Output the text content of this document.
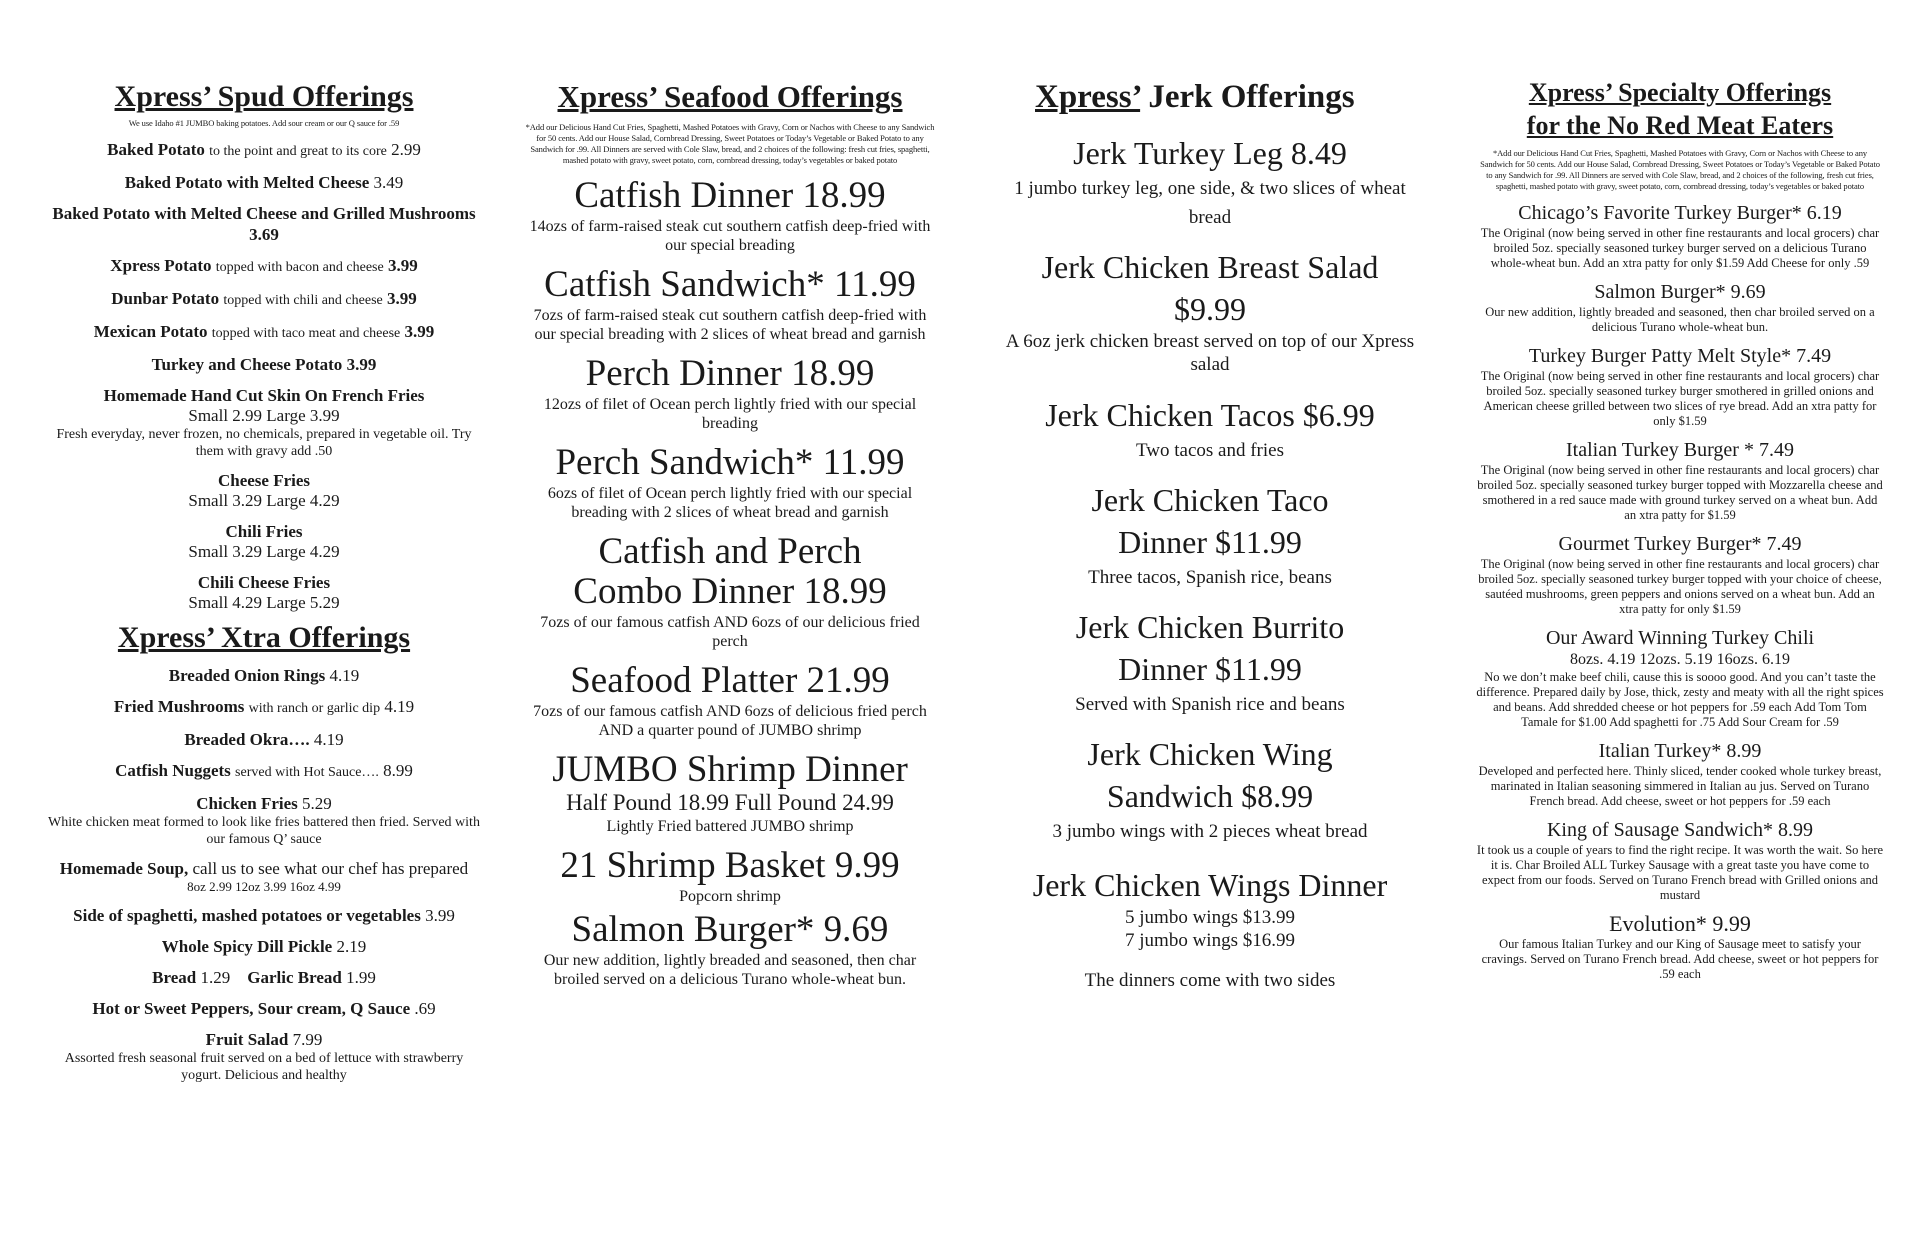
Xpress’ Spud Offerings
We use Idaho #1 JUMBO baking potatoes. Add sour cream or our Q sauce for .59
Baked Potato to the point and great to its core 2.99
Baked Potato with Melted Cheese 3.49
Baked Potato with Melted Cheese and Grilled Mushrooms 3.69
Xpress Potato topped with bacon and cheese 3.99
Dunbar Potato topped with chili and cheese 3.99
Mexican Potato topped with taco meat and cheese 3.99
Turkey and Cheese Potato 3.99
Homemade Hand Cut Skin On French Fries
Small 2.99 Large 3.99
Fresh everyday, never frozen, no chemicals, prepared in vegetable oil. Try them with gravy add .50
Cheese Fries
Small 3.29 Large 4.29
Chili Fries
Small 3.29 Large 4.29
Chili Cheese Fries
Small 4.29 Large 5.29
Xpress’ Xtra Offerings
Breaded Onion Rings 4.19
Fried Mushrooms with ranch or garlic dip 4.19
Breaded Okra…. 4.19
Catfish Nuggets served with Hot Sauce…. 8.99
Chicken Fries 5.29
White chicken meat formed to look like fries battered then fried. Served with our famous Q’ sauce
Homemade Soup, call us to see what our chef has prepared
8oz 2.99 12oz 3.99 16oz 4.99
Side of spaghetti, mashed potatoes or vegetables 3.99
Whole Spicy Dill Pickle 2.19
Bread 1.29 Garlic Bread 1.99
Hot or Sweet Peppers, Sour cream, Q Sauce .69
Fruit Salad 7.99
Assorted fresh seasonal fruit served on a bed of lettuce with strawberry yogurt. Delicious and healthy
Xpress’ Seafood Offerings
*Add our Delicious Hand Cut Fries, Spaghetti, Mashed Potatoes with Gravy, Corn or Nachos with Cheese to any Sandwich for 50 cents. Add our House Salad, Cornbread Dressing, Sweet Potatoes or Today’s Vegetable or Baked Potato to any Sandwich for .99. All Dinners are served with Cole Slaw, bread, and 2 choices of the following: fresh cut fries, spaghetti, mashed potato with gravy, sweet potato, corn, cornbread dressing, today’s vegetables or baked potato
Catfish Dinner 18.99
14ozs of farm-raised steak cut southern catfish deep-fried with our special breading
Catfish Sandwich* 11.99
7ozs of farm-raised steak cut southern catfish deep-fried with our special breading with 2 slices of wheat bread and garnish
Perch Dinner 18.99
12ozs of filet of Ocean perch lightly fried with our special breading
Perch Sandwich* 11.99
6ozs of filet of Ocean perch lightly fried with our special breading with 2 slices of wheat bread and garnish
Catfish and Perch Combo Dinner 18.99
7ozs of our famous catfish AND 6ozs of our delicious fried perch
Seafood Platter 21.99
7ozs of our famous catfish AND 6ozs of delicious fried perch AND a quarter pound of JUMBO shrimp
JUMBO Shrimp Dinner
Half Pound 18.99 Full Pound 24.99
Lightly Fried battered JUMBO shrimp
21 Shrimp Basket 9.99
Popcorn shrimp
Salmon Burger* 9.69
Our new addition, lightly breaded and seasoned, then char broiled served on a delicious Turano whole-wheat bun.
Xpress’ Jerk Offerings
Jerk Turkey Leg 8.49
1 jumbo turkey leg, one side, & two slices of wheat bread
Jerk Chicken Breast Salad $9.99
A 6oz jerk chicken breast served on top of our Xpress salad
Jerk Chicken Tacos $6.99
Two tacos and fries
Jerk Chicken Taco Dinner $11.99
Three tacos, Spanish rice, beans
Jerk Chicken Burrito Dinner $11.99
Served with Spanish rice and beans
Jerk Chicken Wing Sandwich $8.99
3 jumbo wings with 2 pieces wheat bread
Jerk Chicken Wings Dinner
5 jumbo wings $13.99
7 jumbo wings $16.99
The dinners come with two sides
Xpress’ Specialty Offerings
for the No Red Meat Eaters
*Add our Delicious Hand Cut Fries, Spaghetti, Mashed Potatoes with Gravy, Corn or Nachos with Cheese to any Sandwich for 50 cents. Add our House Salad, Cornbread Dressing, Sweet Potatoes or Today’s Vegetable or Baked Potato to any Sandwich for .99. All Dinners are served with Cole Slaw, bread, and 2 choices of the following, fresh cut fries, spaghetti, mashed potato with gravy, sweet potato, corn, cornbread dressing, today’s vegetables or baked potato
Chicago’s Favorite Turkey Burger* 6.19
The Original (now being served in other fine restaurants and local grocers) char broiled 5oz. specially seasoned turkey burger served on a delicious Turano whole-wheat bun. Add an xtra patty for only $1.59 Add Cheese for only .59
Salmon Burger* 9.69
Our new addition, lightly breaded and seasoned, then char broiled served on a delicious Turano whole-wheat bun.
Turkey Burger Patty Melt Style* 7.49
The Original (now being served in other fine restaurants and local grocers) char broiled 5oz. specially seasoned turkey burger smothered in grilled onions and American cheese grilled between two slices of rye bread. Add an xtra patty for only $1.59
Italian Turkey Burger * 7.49
The Original (now being served in other fine restaurants and local grocers) char broiled 5oz. specially seasoned turkey burger topped with Mozzarella cheese and smothered in a red sauce made with ground turkey served on a wheat bun. Add an xtra patty for $1.59
Gourmet Turkey Burger* 7.49
The Original (now being served in other fine restaurants and local grocers) char broiled 5oz. specially seasoned turkey burger topped with your choice of cheese, sautéed mushrooms, green peppers and onions served on a wheat bun. Add an xtra patty for only $1.59
Our Award Winning Turkey Chili
8ozs. 4.19 12ozs. 5.19 16ozs. 6.19
No we don’t make beef chili, cause this is soooo good. And you can’t taste the difference. Prepared daily by Jose, thick, zesty and meaty with all the right spices and beans. Add shredded cheese or hot peppers for .59 each Add Tom Tom Tamale for $1.00 Add spaghetti for .75 Add Sour Cream for .59
Italian Turkey* 8.99
Developed and perfected here. Thinly sliced, tender cooked whole turkey breast, marinated in Italian seasoning simmered in Italian au jus. Served on Turano French bread. Add cheese, sweet or hot peppers for .59 each
King of Sausage Sandwich* 8.99
It took us a couple of years to find the right recipe. It was worth the wait. So here it is. Char Broiled ALL Turkey Sausage with a great taste you have come to expect from our foods. Served on Turano French bread with Grilled onions and mustard
Evolution* 9.99
Our famous Italian Turkey and our King of Sausage meet to satisfy your cravings. Served on Turano French bread. Add cheese, sweet or hot peppers for .59 each
